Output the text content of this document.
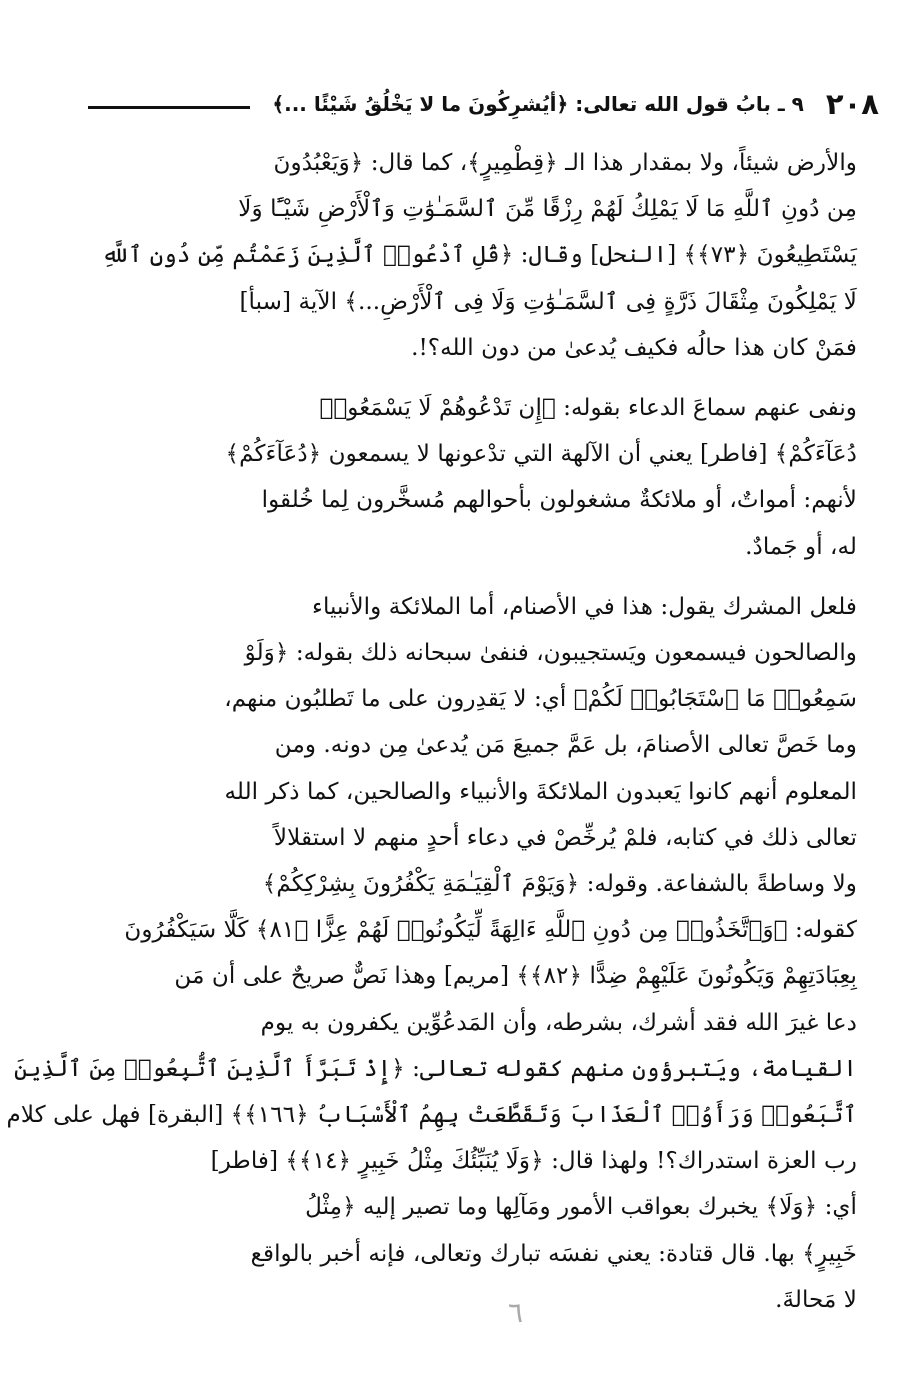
٢٠٨
٩ ـ بابُ قول الله تعالى: ﴿أيُشرِكُونَ ما لا يَخْلُقُ شَيْئًا ...﴾

والأرض شيئاً، ولا بمقدار هذا الـ ﴿قِطْمِيرٍ﴾، كما قال: ﴿وَيَعْبُدُونَ
مِن دُونِ ٱللَّهِ مَا لَا يَمْلِكُ لَهُمْ رِزْقًا مِّنَ ٱلسَّمَـٰوَٰتِ وَٱلْأَرْضِ شَيْـًٔا وَلَا
يَسْتَطِيعُونَ ﴿٧٣﴾﴾ [النحل] وقال: ﴿قُلِ ٱدْعُوا۟ ٱلَّذِينَ زَعَمْتُم مِّن دُونِ ٱللَّهِ
لَا يَمْلِكُونَ مِثْقَالَ ذَرَّةٍ فِى ٱلسَّمَـٰوَٰتِ وَلَا فِى ٱلْأَرْضِ...﴾ الآية [سبأ]
فمَنْ كان هذا حالُه فكيف يُدعىٰ من دون الله؟!.

ونفى عنهم سماعَ الدعاء بقوله: ﴿إِن تَدْعُوهُمْ لَا يَسْمَعُوا۟
دُعَآءَكُمْ﴾ [فاطر] يعني أن الآلهة التي تدْعونها لا يسمعون ﴿دُعَآءَكُمْ﴾
لأنهم: أمواتٌ، أو ملائكةٌ مشغولون بأحوالهم مُسخَّرون لِما خُلقوا
له، أو جَمادٌ.

فلعل المشرك يقول: هذا في الأصنام، أما الملائكة والأنبياء
والصالحون فيسمعون ويَستجيبون، فنفىٰ سبحانه ذلك بقوله: ﴿وَلَوْ
سَمِعُوا۟ مَا ٱسْتَجَابُوا۟ لَكُمْ﴾ أي: لا يَقدِرون على ما تَطلبُون منهم،
وما خَصَّ تعالى الأصنامَ، بل عَمَّ جميعَ مَن يُدعىٰ مِن دونه. ومن
المعلوم أنهم كانوا يَعبدون الملائكةَ والأنبياء والصالحين، كما ذكر الله
تعالى ذلك في كتابه، فلمْ يُرخِّصْ في دعاء أحدٍ منهم لا استقلالاً
ولا وساطةً بالشفاعة. وقوله: ﴿وَيَوْمَ ٱلْقِيَـٰمَةِ يَكْفُرُونَ بِشِرْكِكُمْ﴾
كقوله: ﴿وَٱتَّخَذُوا۟ مِن دُونِ ٱللَّهِ ءَالِهَةً لِّيَكُونُوا۟ لَهُمْ عِزًّا ﴿٨١﴾ كَلَّا سَيَكْفُرُونَ
بِعِبَادَتِهِمْ وَيَكُونُونَ عَلَيْهِمْ ضِدًّا ﴿٨٢﴾﴾ [مريم] وهذا نَصٌّ صريحٌ على أن مَن
دعا غيرَ الله فقد أشرك، بشرطه، وأن المَدعُوِّين يكفرون به يوم
القيامة، ويَتبرؤون منهم كقوله تعالى: ﴿إِذْ تَبَرَّأَ ٱلَّذِينَ ٱتُّبِعُوا۟ مِنَ ٱلَّذِينَ
ٱتَّبَعُوا۟ وَرَأَوُا۟ ٱلْعَذَابَ وَتَقَطَّعَتْ بِهِمُ ٱلْأَسْبَابُ ﴿١٦٦﴾﴾ [البقرة] فهل على كلام
رب العزة استدراك؟! ولهذا قال: ﴿وَلَا يُنَبِّئُكَ مِثْلُ خَبِيرٍ ﴿١٤﴾﴾ [فاطر]
أي: ﴿وَلَا﴾ يخبرك بعواقب الأمور ومَآلِها وما تصير إليه ﴿مِثْلُ
خَبِيرٍ﴾ بها. قال قتادة: يعني نفسَه تبارك وتعالى، فإنه أخبر بالواقع
لا مَحالةَ.

٦
